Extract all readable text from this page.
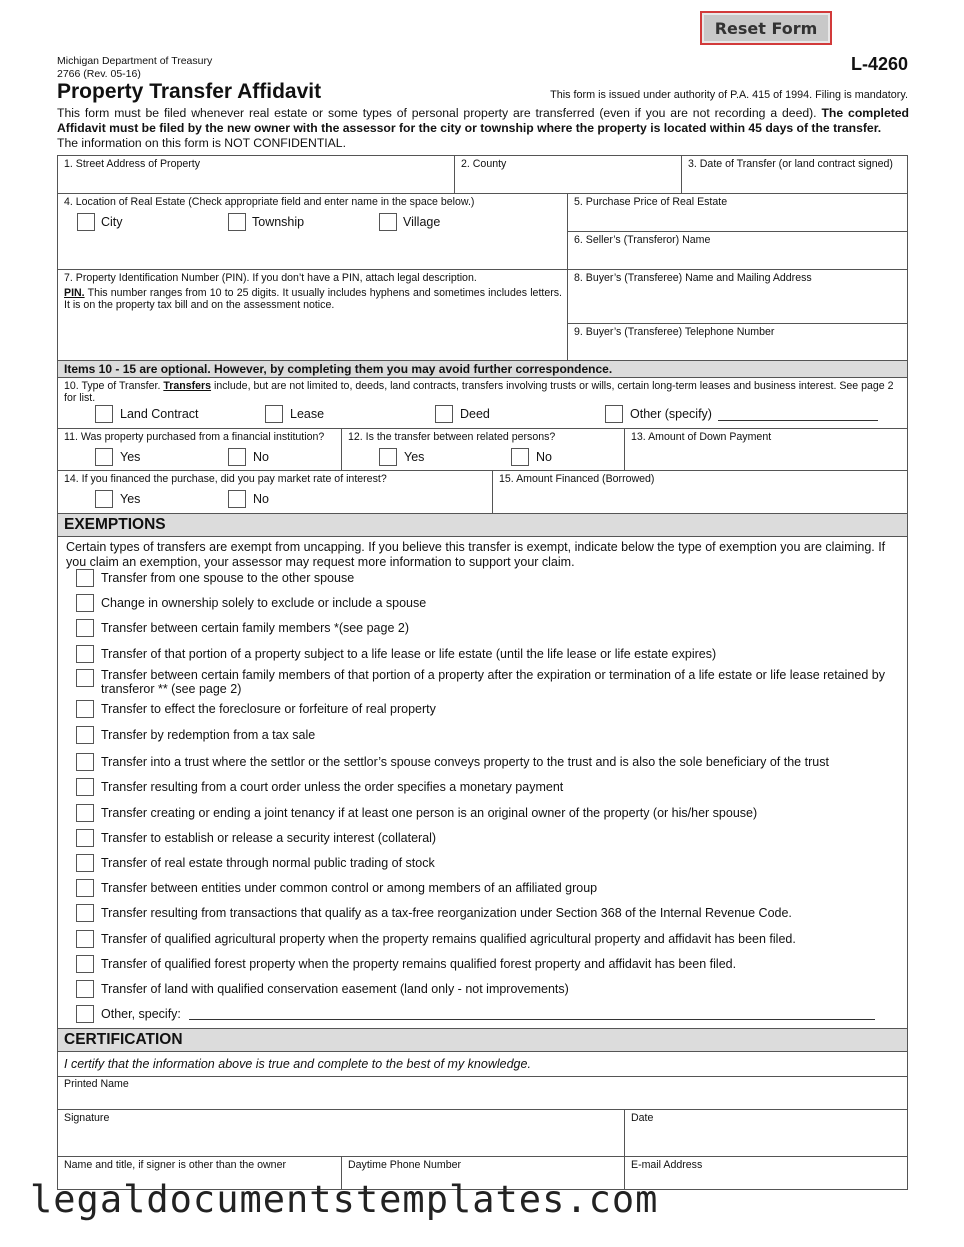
Reset Form
Michigan Department of Treasury
2766 (Rev. 05-16)	L-4260
Property Transfer Affidavit	This form is issued under authority of P.A. 415 of 1994. Filing is mandatory.
This form must be filed whenever real estate or some types of personal property are transferred (even if you are not recording a deed). The completed Affidavit must be filed by the new owner with the assessor for the city or township where the property is located within 45 days of the transfer.
The information on this form is NOT CONFIDENTIAL.
1. Street Address of Property	2. County	3. Date of Transfer (or land contract signed)
4. Location of Real Estate (Check appropriate field and enter name in the space below.)
City	Township	Village
5. Purchase Price of Real Estate
6. Seller’s (Transferor) Name
7. Property Identification Number (PIN). If you don’t have a PIN, attach legal description.
PIN. This number ranges from 10 to 25 digits. It usually includes hyphens and sometimes includes letters. It is on the property tax bill and on the assessment notice.
8. Buyer’s (Transferee) Name and Mailing Address
9. Buyer’s (Transferee) Telephone Number
Items 10 - 15 are optional. However, by completing them you may avoid further correspondence.
10. Type of Transfer. Transfers include, but are not limited to, deeds, land contracts, transfers involving trusts or wills, certain long-term leases and business interest. See page 2 for list.
Land Contract	Lease	Deed	Other (specify)
11. Was property purchased from a financial institution?
Yes	No
12. Is the transfer between related persons?
Yes	No
13. Amount of Down Payment
14. If you financed the purchase, did you pay market rate of interest?
Yes	No
15. Amount Financed (Borrowed)
EXEMPTIONS
Certain types of transfers are exempt from uncapping. If you believe this transfer is exempt, indicate below the type of exemption you are claiming. If you claim an exemption, your assessor may request more information to support your claim.
Transfer from one spouse to the other spouse
Change in ownership solely to exclude or include a spouse
Transfer between certain family members *(see page 2)
Transfer of that portion of a property subject to a life lease or life estate (until the life lease or life estate expires)
Transfer between certain family members of that portion of a property after the expiration or termination of a life estate or life lease retained by transferor ** (see page 2)
Transfer to effect the foreclosure or forfeiture of real property
Transfer by redemption from a tax sale
Transfer into a trust where the settlor or the settlor’s spouse conveys property to the trust and is also the sole beneficiary of the trust
Transfer resulting from a court order unless the order specifies a monetary payment
Transfer creating or ending a joint tenancy if at least one person is an original owner of the property (or his/her spouse)
Transfer to establish or release a security interest (collateral)
Transfer of real estate through normal public trading of stock
Transfer between entities under common control or among members of an affiliated group
Transfer resulting from transactions that qualify as a tax-free reorganization under Section 368 of the Internal Revenue Code.
Transfer of qualified agricultural property when the property remains qualified agricultural property and affidavit has been filed.
Transfer of qualified forest property when the property remains qualified forest property and affidavit has been filed.
Transfer of land with qualified conservation easement (land only - not improvements)
Other, specify:
CERTIFICATION
I certify that the information above is true and complete to the best of my knowledge.
Printed Name
Signature	Date
Name and title, if signer is other than the owner	Daytime Phone Number	E-mail Address
legaldocumentstemplates.com
